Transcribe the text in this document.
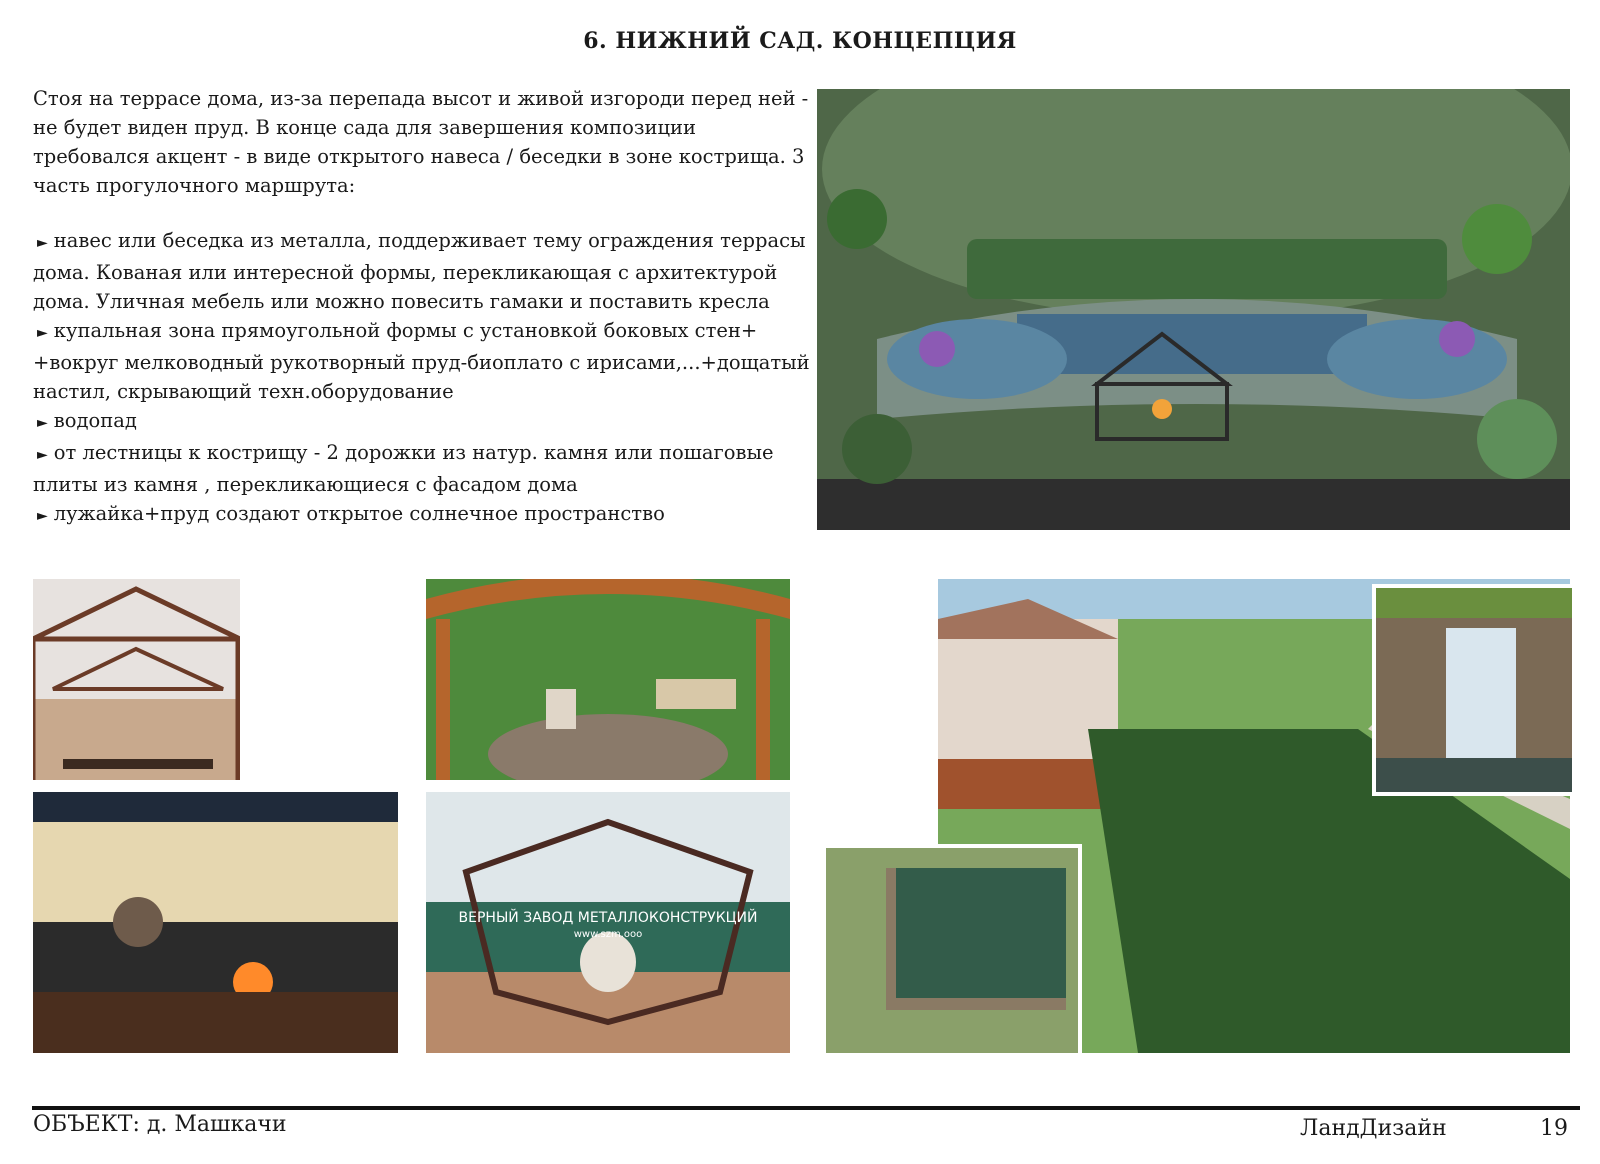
6. НИЖНИЙ САД. КОНЦЕПЦИЯ

Стоя на террасе дома, из-за перепада высот и живой изгороди перед ней - не будет виден пруд. В конце сада для завершения композиции требовался акцент - в виде открытого навеса / беседки в зоне кострища. 3 часть прогулочного маршрута:

► навес или беседка из металла, поддерживает тему ограждения террасы дома. Кованая или интересной формы, перекликающая с архитектурой дома. Уличная мебель или можно повесить гамаки и поставить кресла
► купальная зона прямоугольной формы с установкой боковых стен+ +вокруг мелководный рукотворный пруд-биоплато с ирисами,...+дощатый настил, скрывающий техн.оборудование
► водопад
► от лестницы к кострищу - 2 дорожки из натур. камня или пошаговые плиты из камня , перекликающиеся с фасадом дома
► лужайка+пруд создают открытое солнечное пространство
ВЕРНЫЙ ЗАВОД МЕТАЛЛОКОНСТРУКЦИЙ
www.szm.ooo
ОБЪЕКТ: д. Машкачи	ЛандДизайн	19
